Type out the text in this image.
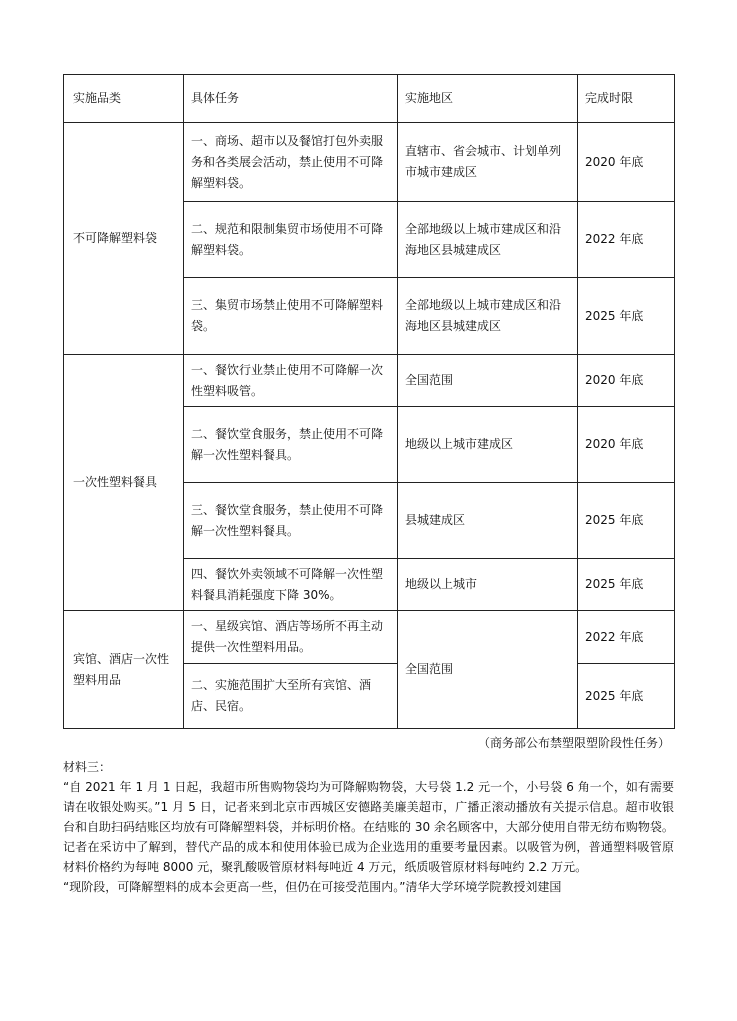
实施品类	具体任务	实施地区	完成时限
不可降解塑料袋	一、商场、超市以及餐馆打包外卖服务和各类展会活动，禁止使用不可降解塑料袋。	直辖市、省会城市、计划单列市城市建成区	2020 年底
	二、规范和限制集贸市场使用不可降解塑料袋。	全部地级以上城市建成区和沿海地区县城建成区	2022 年底
	三、集贸市场禁止使用不可降解塑料袋。	全部地级以上城市建成区和沿海地区县城建成区	2025 年底
一次性塑料餐具	一、餐饮行业禁止使用不可降解一次性塑料吸管。	全国范围	2020 年底
	二、餐饮堂食服务，禁止使用不可降解一次性塑料餐具。	地级以上城市建成区	2020 年底
	三、餐饮堂食服务，禁止使用不可降解一次性塑料餐具。	县城建成区	2025 年底
	四、餐饮外卖领域不可降解一次性塑料餐具消耗强度下降 30%。	地级以上城市	2025 年底
宾馆、酒店一次性塑料用品	一、星级宾馆、酒店等场所不再主动提供一次性塑料用品。	全国范围	2022 年底
	二、实施范围扩大至所有宾馆、酒店、民宿。		2025 年底
（商务部公布禁塑限塑阶段性任务）

材料三：

“自 2021 年 1 月 1 日起，我超市所售购物袋均为可降解购物袋，大号袋 1.2 元一个，小号袋 6 角一个，如有需要请在收银处购买。”1 月 5 日，记者来到北京市西城区安德路美廉美超市，广播正滚动播放有关提示信息。超市收银台和自助扫码结账区均放有可降解塑料袋，并标明价格。在结账的 30 余名顾客中，大部分使用自带无纺布购物袋。

记者在采访中了解到，替代产品的成本和使用体验已成为企业选用的重要考量因素。以吸管为例，普通塑料吸管原材料价格约为每吨 8000 元，聚乳酸吸管原材料每吨近 4 万元，纸质吸管原材料每吨约 2.2 万元。

“现阶段，可降解塑料的成本会更高一些，但仍在可接受范围内。”清华大学环境学院教授刘建国
